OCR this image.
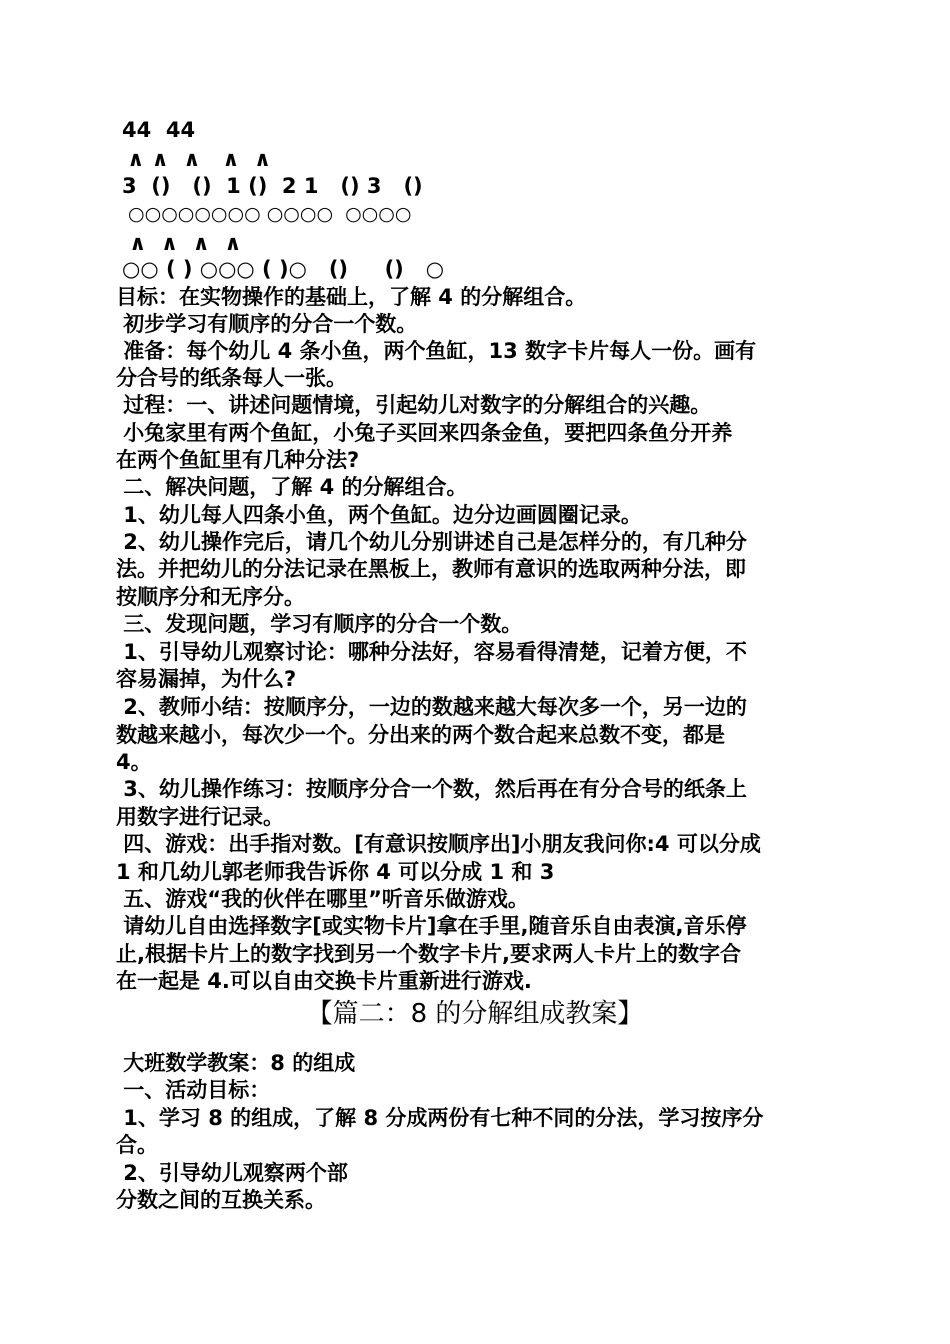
44  44
∧ ∧  ∧   ∧  ∧
3  ()   ()  1 ()  2 1   () 3   ()
○○○○○○○○ ○○○○  ○○○○
∧  ∧  ∧  ∧
○○ ( ) ○○○ ( )○   ()     ()   ○
目标：在实物操作的基础上，了解 4 的分解组合。
初步学习有顺序的分合一个数。
准备：每个幼儿 4 条小鱼，两个鱼缸，13 数字卡片每人一份。画有
分合号的纸条每人一张。
过程：一、讲述问题情境，引起幼儿对数字的分解组合的兴趣。
小兔家里有两个鱼缸，小兔子买回来四条金鱼，要把四条鱼分开养
在两个鱼缸里有几种分法?
二、解决问题，了解 4 的分解组合。
1、幼儿每人四条小鱼，两个鱼缸。边分边画圆圈记录。
2、幼儿操作完后，请几个幼儿分别讲述自己是怎样分的，有几种分
法。并把幼儿的分法记录在黑板上，教师有意识的选取两种分法，即
按顺序分和无序分。
三、发现问题，学习有顺序的分合一个数。
1、引导幼儿观察讨论：哪种分法好，容易看得清楚，记着方便，不
容易漏掉，为什么?
2、教师小结：按顺序分，一边的数越来越大每次多一个，另一边的
数越来越小，每次少一个。分出来的两个数合起来总数不变，都是
4。
3、幼儿操作练习：按顺序分合一个数，然后再在有分合号的纸条上
用数字进行记录。
四、游戏：出手指对数。[有意识按顺序出]小朋友我问你:4 可以分成
1 和几幼儿郭老师我告诉你 4 可以分成 1 和 3
五、游戏“我的伙伴在哪里”听音乐做游戏。
请幼儿自由选择数字[或实物卡片]拿在手里,随音乐自由表演,音乐停
止,根据卡片上的数字找到另一个数字卡片,要求两人卡片上的数字合
在一起是 4.可以自由交换卡片重新进行游戏.
【篇二：8 的分解组成教案】
大班数学教案：8 的组成
一、活动目标：
1、学习 8 的组成，了解 8 分成两份有七种不同的分法，学习按序分
合。
2、引导幼儿观察两个部
分数之间的互换关系。
